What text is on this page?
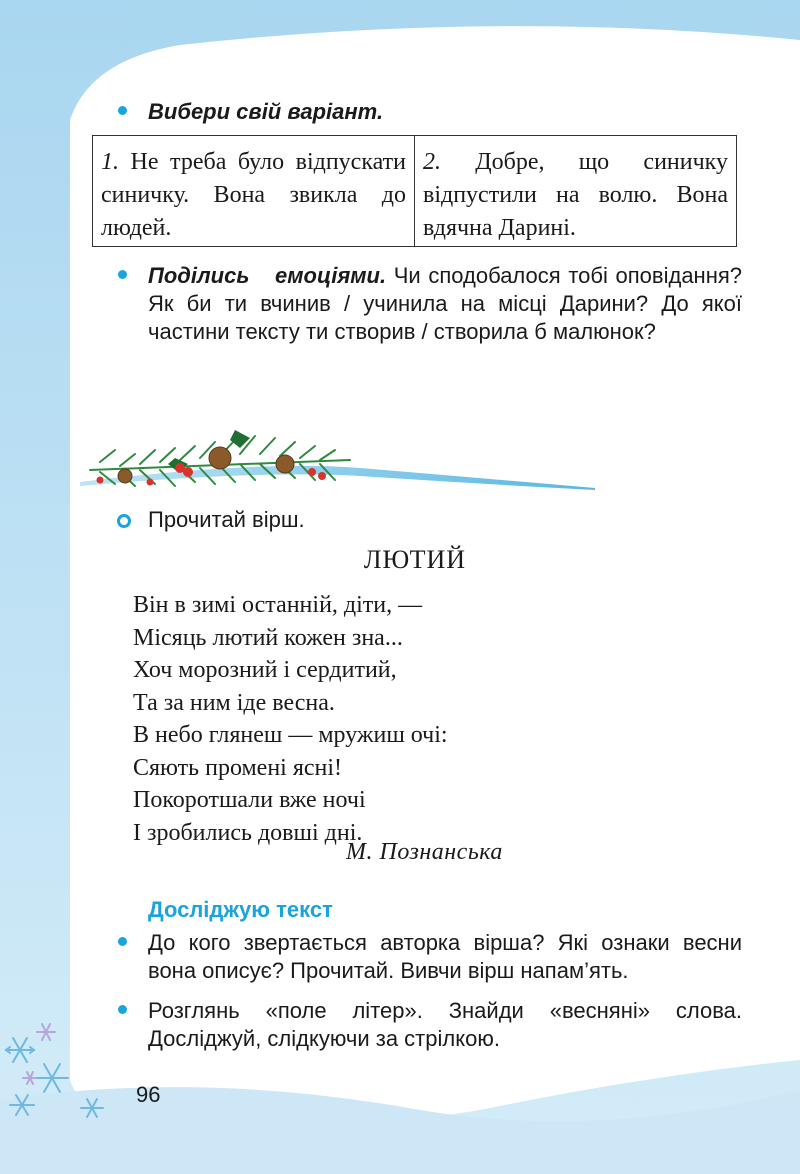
Вибери свій варіант.
1. Не треба було відпускати синичку. Вона звикла до людей.
2. Добре, що синичку відпустили на волю. Вона вдячна Дарині.
Поділись емоціями. Чи сподобалося тобі оповідання? Як би ти вчинив / учинила на місці Дарини? До якої частини тексту ти створив / створила б малюнок?
Прочитай вірш.
ЛЮТИЙ
Він в зимі останній, діти, —
Місяць лютий кожен зна...
Хоч морозний і сердитий,
Та за ним іде весна.
В небо глянеш — мружиш очі:
Сяють промені ясні!
Покоротшали вже ночі
І зробились довші дні.
М. Познанська
Досліджую текст
До кого звертається авторка вірша? Які ознаки весни вона описує? Прочитай. Вивчи вірш напам’ять.
Розглянь «поле літер». Знайди «весняні» слова. Досліджуй, слідкуючи за стрілкою.
96
